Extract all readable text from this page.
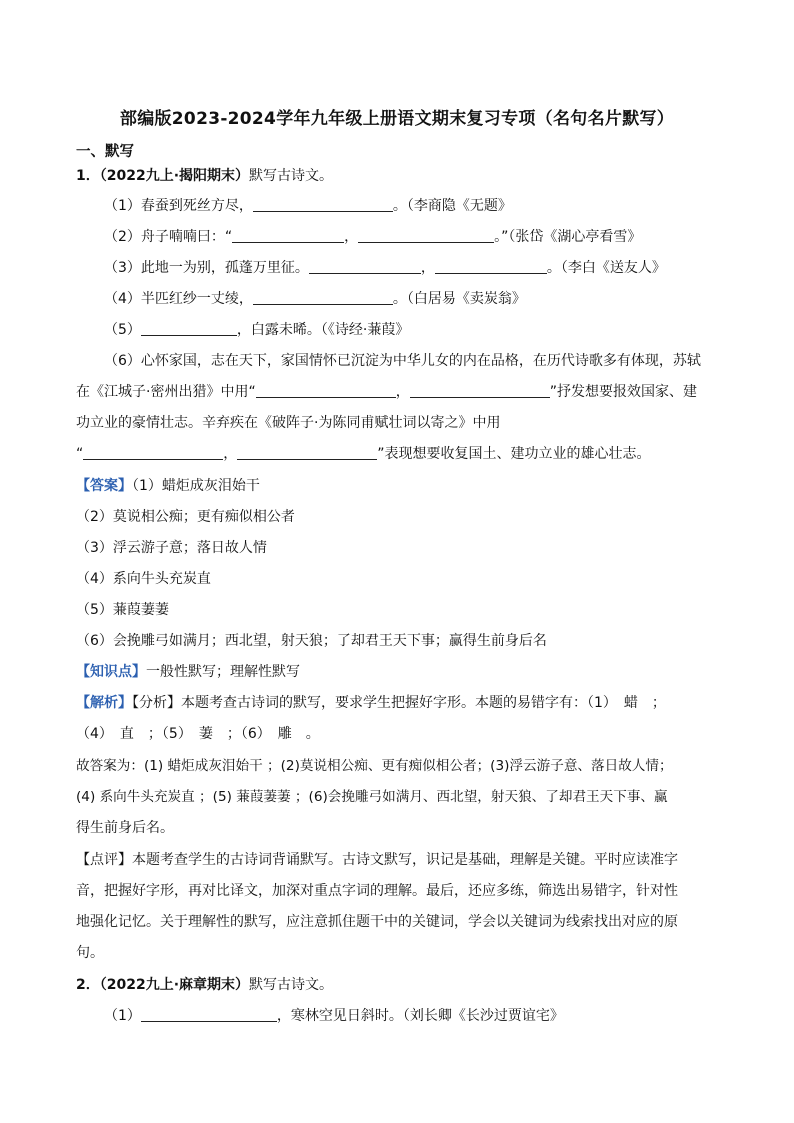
部编版2023-2024学年九年级上册语文期末复习专项（名句名片默写）
一、默写
1．（2022九上·揭阳期末）默写古诗文。
（1）春蚕到死丝方尽，	。（李商隐《无题》
（2）舟子喃喃曰：“	，	。”（张岱《湖心亭看雪》
（3）此地一为别，孤蓬万里征。	，	。（李白《送友人》
（4）半匹红纱一丈绫，	。（白居易《卖炭翁》
（5）	，白露未晞。（《诗经·蒹葭》
（6）心怀家国，志在天下，家国情怀已沉淀为中华儿女的内在品格，在历代诗歌多有体现，苏轼
在《江城子·密州出猎》中用“	，	”抒发想要报效国家、建
功立业的豪情壮志。辛弃疾在《破阵子·为陈同甫赋壮词以寄之》中用
“	，	”表现想要收复国土、建功立业的雄心壮志。
【答案】（1）蜡炬成灰泪始干
（2）莫说相公痴；更有痴似相公者
（3）浮云游子意；落日故人情
（4）系向牛头充炭直
（5）蒹葭萋萋
（6）会挽雕弓如满月；西北望，射天狼；了却君王天下事；赢得生前身后名
【知识点】一般性默写；理解性默写
【解析】【分析】本题考查古诗词的默写，要求学生把握好字形。本题的易错字有：（1）　蜡　；
（4）　直　；（5）　萋　；（6）　雕　。
故答案为：(1) 蜡炬成灰泪始干 ；(2)莫说相公痴、更有痴似相公者；(3)浮云游子意、落日故人情；
(4) 系向牛头充炭直 ；(5) 蒹葭萋萋 ；(6)会挽雕弓如满月、西北望，射天狼、了却君王天下事、赢
得生前身后名。
【点评】本题考查学生的古诗词背诵默写。古诗文默写，识记是基础，理解是关键。平时应读准字
音，把握好字形，再对比译文，加深对重点字词的理解。最后，还应多练，筛选出易错字，针对性
地强化记忆。关于理解性的默写，应注意抓住题干中的关键词，学会以关键词为线索找出对应的原
句。
2．（2022九上·麻章期末）默写古诗文。
（1）	，寒林空见日斜时。（刘长卿《长沙过贾谊宅》
